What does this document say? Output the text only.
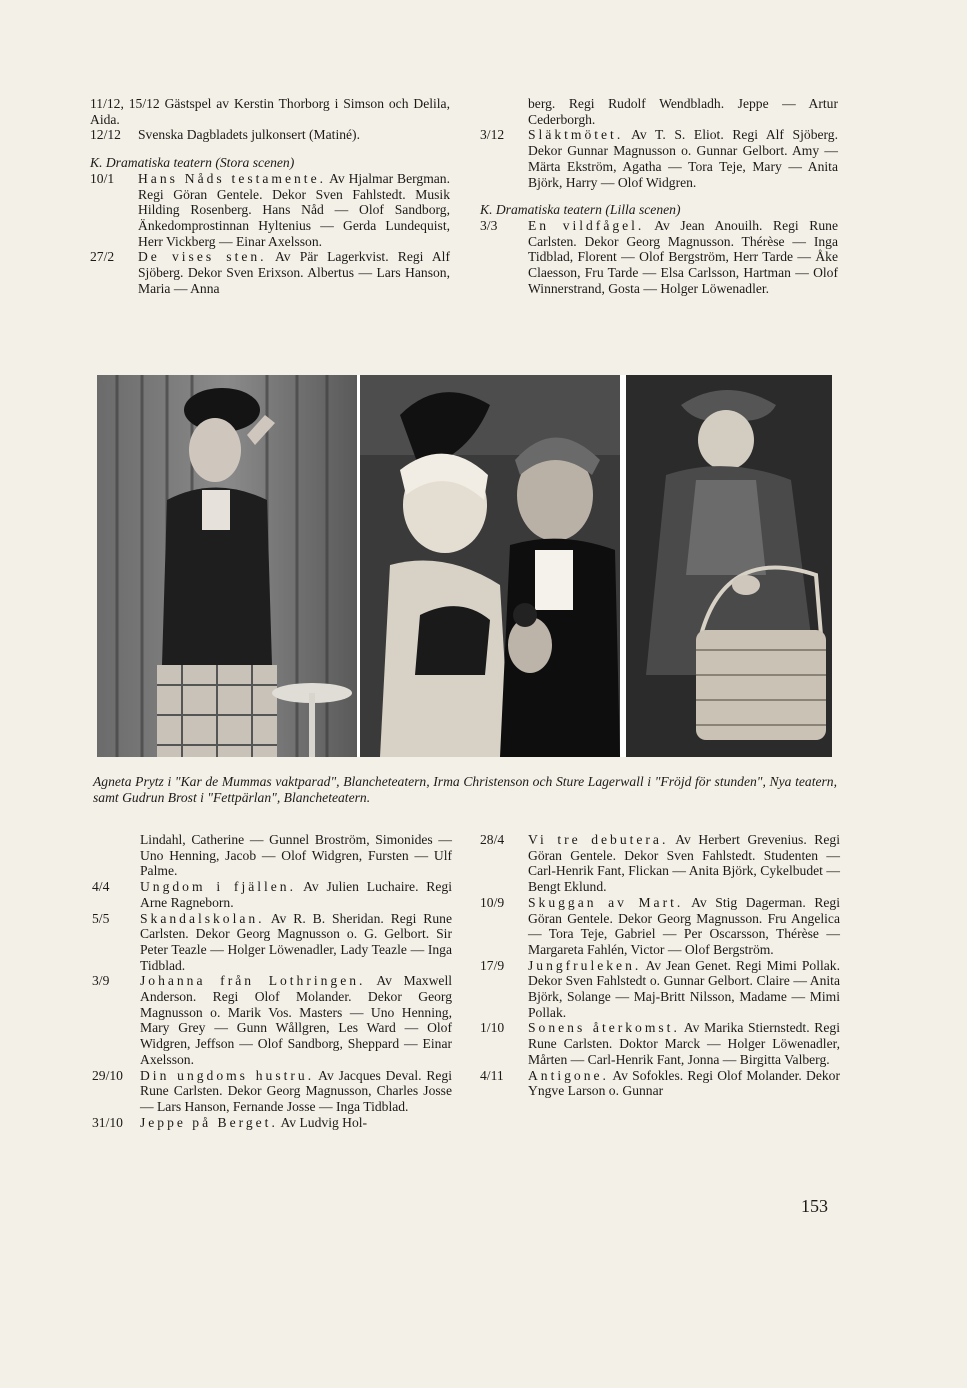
11/12, 15/12 Gästspel av Kerstin Thorborg i Simson och Delila, Aida.
12/12	Svenska Dagbladets julkonsert (Matiné).
K. Dramatiska teatern (Stora scenen)
10/1	Hans Nåds testamente. Av Hjalmar Bergman. Regi Göran Gentele. Dekor Sven Fahlstedt. Musik Hilding Rosenberg. Hans Nåd — Olof Sandborg, Änkedomprostinnan Hyltenius — Gerda Lundequist, Herr Vickberg — Einar Axelsson.
27/2	De vises sten. Av Pär Lagerkvist. Regi Alf Sjöberg. Dekor Sven Erixson. Albertus — Lars Hanson, Maria — Anna
berg. Regi Rudolf Wendbladh. Jeppe — Artur Cederborgh.
3/12	Släktmötet. Av T. S. Eliot. Regi Alf Sjöberg. Dekor Gunnar Magnusson o. Gunnar Gelbort. Amy — Märta Ekström, Agatha — Tora Teje, Mary — Anita Björk, Harry — Olof Widgren.
K. Dramatiska teatern (Lilla scenen)
3/3	En vildfågel. Av Jean Anouilh. Regi Rune Carlsten. Dekor Georg Magnusson. Thérèse — Inga Tidblad, Florent — Olof Bergström, Herr Tarde — Åke Claesson, Fru Tarde — Elsa Carlsson, Hartman — Olof Winnerstrand, Gosta — Holger Löwenadler.
Agneta Prytz i "Kar de Mummas vaktparad", Blancheteatern, Irma Christenson och Sture Lagerwall i "Fröjd för stunden", Nya teatern, samt Gudrun Brost i "Fettpärlan", Blancheteatern.
Lindahl, Catherine — Gunnel Broström, Simonides — Uno Henning, Jacob — Olof Widgren, Fursten — Ulf Palme.
4/4	Ungdom i fjällen. Av Julien Luchaire. Regi Arne Ragneborn.
5/5	Skandalskolan. Av R. B. Sheridan. Regi Rune Carlsten. Dekor Georg Magnusson o. G. Gelbort. Sir Peter Teazle — Holger Löwenadler, Lady Teazle — Inga Tidblad.
3/9	Johanna från Lothringen. Av Maxwell Anderson. Regi Olof Molander. Dekor Georg Magnusson o. Marik Vos. Masters — Uno Henning, Mary Grey — Gunn Wållgren, Les Ward — Olof Widgren, Jeffson — Olof Sandborg, Sheppard — Einar Axelsson.
29/10	Din ungdoms hustru. Av Jacques Deval. Regi Rune Carlsten. Dekor Georg Magnusson, Charles Josse — Lars Hanson, Fernande Josse — Inga Tidblad.
31/10	Jeppe på Berget. Av Ludvig Hol-
28/4	Vi tre debutera. Av Herbert Grevenius. Regi Göran Gentele. Dekor Sven Fahlstedt. Studenten — Carl-Henrik Fant, Flickan — Anita Björk, Cykelbudet — Bengt Eklund.
10/9	Skuggan av Mart. Av Stig Dagerman. Regi Göran Gentele. Dekor Georg Magnusson. Fru Angelica — Tora Teje, Gabriel — Per Oscarsson, Thérèse — Margareta Fahlén, Victor — Olof Bergström.
17/9	Jungfruleken. Av Jean Genet. Regi Mimi Pollak. Dekor Sven Fahlstedt o. Gunnar Gelbort. Claire — Anita Björk, Solange — Maj-Britt Nilsson, Madame — Mimi Pollak.
1/10	Sonens återkomst. Av Marika Stiernstedt. Regi Rune Carlsten. Doktor Marck — Holger Löwenadler, Mårten — Carl-Henrik Fant, Jonna — Birgitta Valberg.
4/11	Antigone. Av Sofokles. Regi Olof Molander. Dekor Yngve Larson o. Gunnar
153
